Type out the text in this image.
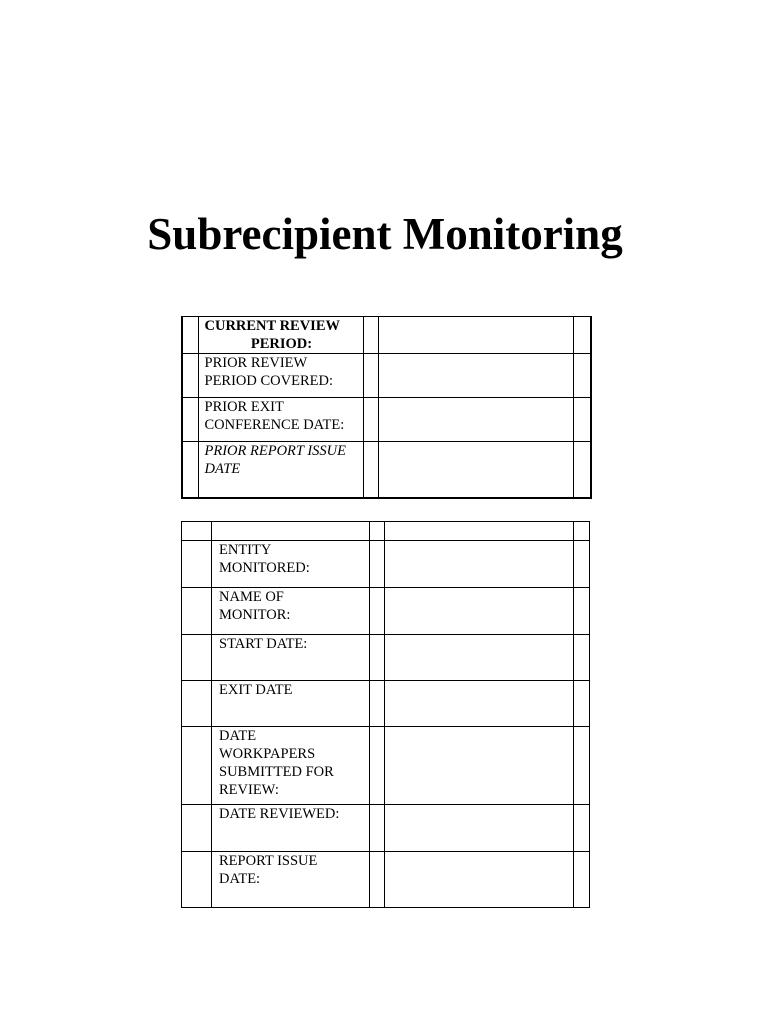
Subrecipient Monitoring

	CURRENT REVIEW
PERIOD:			

	PRIOR REVIEW
PERIOD COVERED:			

	PRIOR EXIT
CONFERENCE DATE:			

	PRIOR REPORT ISSUE
DATE			

	ENTITY
MONITORED:			

	NAME OF
MONITOR:			

	START DATE:			

	EXIT DATE			

	DATE
WORKPAPERS
SUBMITTED FOR
REVIEW:			

	DATE REVIEWED:			

	REPORT ISSUE
DATE:			
